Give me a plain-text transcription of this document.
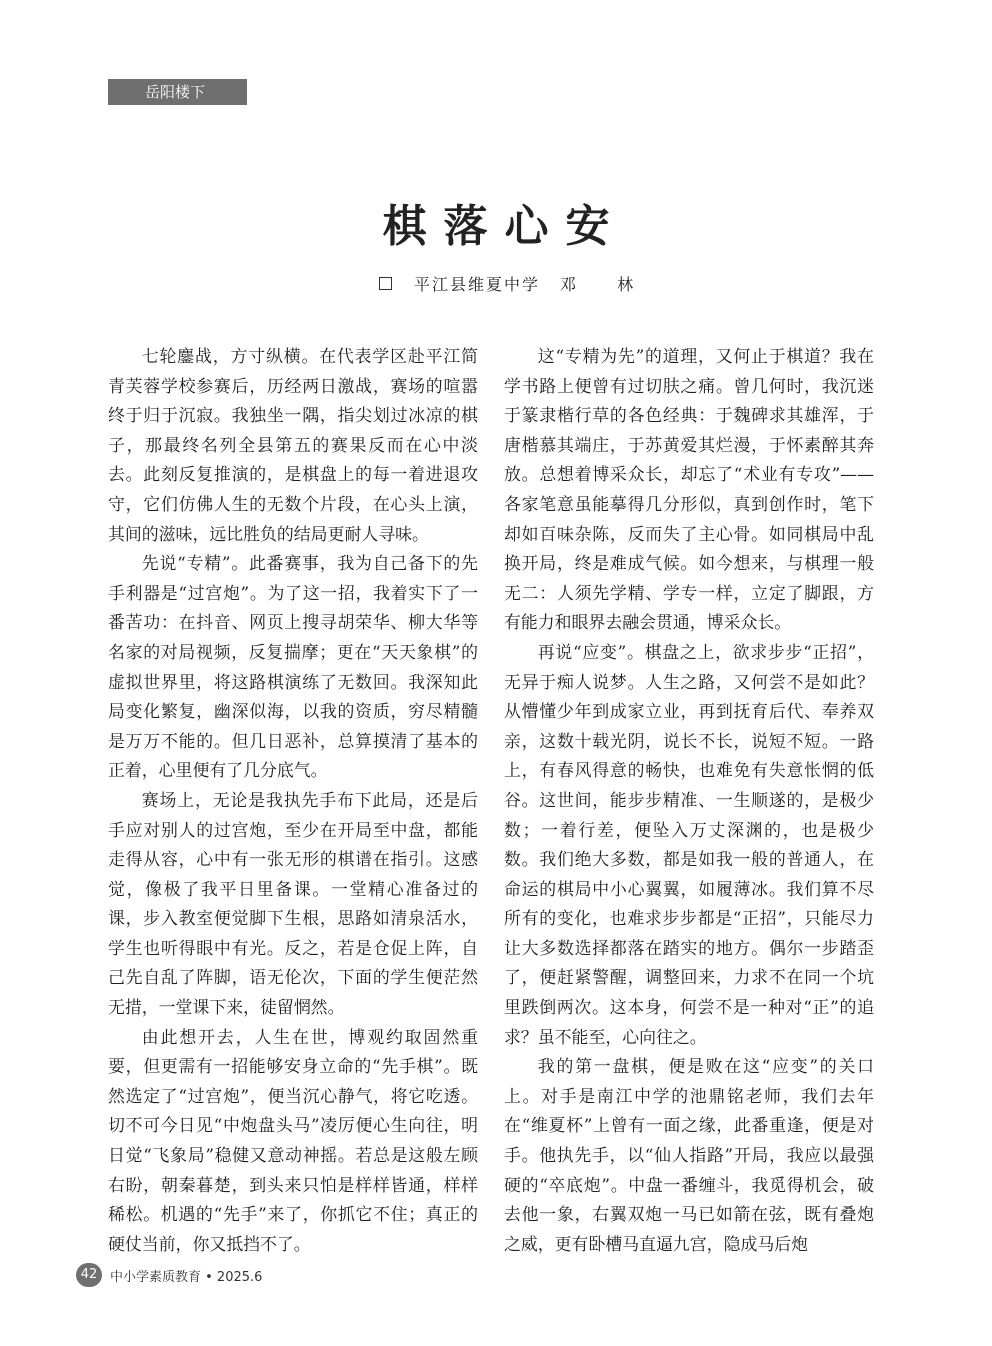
岳阳楼下
棋落心安
平江县维夏中学 邓 林

七轮鏖战，方寸纵横。在代表学区赴平江简青芙蓉学校参赛后，历经两日激战，赛场的喧嚣终于归于沉寂。我独坐一隅，指尖划过冰凉的棋子，那最终名列全县第五的赛果反而在心中淡去。此刻反复推演的，是棋盘上的每一着进退攻守，它们仿佛人生的无数个片段，在心头上演，其间的滋味，远比胜负的结局更耐人寻味。

先说“专精”。此番赛事，我为自己备下的先手利器是“过宫炮”。为了这一招，我着实下了一番苦功：在抖音、网页上搜寻胡荣华、柳大华等名家的对局视频，反复揣摩；更在“天天象棋”的虚拟世界里，将这路棋演练了无数回。我深知此局变化繁复，幽深似海，以我的资质，穷尽精髓是万万不能的。但几日恶补，总算摸清了基本的正着，心里便有了几分底气。

赛场上，无论是我执先手布下此局，还是后手应对别人的过宫炮，至少在开局至中盘，都能走得从容，心中有一张无形的棋谱在指引。这感觉，像极了我平日里备课。一堂精心准备过的课，步入教室便觉脚下生根，思路如清泉活水，学生也听得眼中有光。反之，若是仓促上阵，自己先自乱了阵脚，语无伦次，下面的学生便茫然无措，一堂课下来，徒留惘然。

由此想开去，人生在世，博观约取固然重要，但更需有一招能够安身立命的“先手棋”。既然选定了“过宫炮”，便当沉心静气，将它吃透。切不可今日见“中炮盘头马”凌厉便心生向往，明日觉“飞象局”稳健又意动神摇。若总是这般左顾右盼，朝秦暮楚，到头来只怕是样样皆通，样样稀松。机遇的“先手”来了，你抓它不住；真正的硬仗当前，你又抵挡不了。

这“专精为先”的道理，又何止于棋道？我在学书路上便曾有过切肤之痛。曾几何时，我沉迷于篆隶楷行草的各色经典：于魏碑求其雄浑，于唐楷慕其端庄，于苏黄爱其烂漫，于怀素醉其奔放。总想着博采众长，却忘了“术业有专攻”——各家笔意虽能摹得几分形似，真到创作时，笔下却如百味杂陈，反而失了主心骨。如同棋局中乱换开局，终是难成气候。如今想来，与棋理一般无二：人须先学精、学专一样，立定了脚跟，方有能力和眼界去融会贯通，博采众长。

再说“应变”。棋盘之上，欲求步步“正招”，无异于痴人说梦。人生之路，又何尝不是如此？从懵懂少年到成家立业，再到抚育后代、奉养双亲，这数十载光阴，说长不长，说短不短。一路上，有春风得意的畅快，也难免有失意怅惘的低谷。这世间，能步步精准、一生顺遂的，是极少数；一着行差，便坠入万丈深渊的，也是极少数。我们绝大多数，都是如我一般的普通人，在命运的棋局中小心翼翼，如履薄冰。我们算不尽所有的变化，也难求步步都是“正招”，只能尽力让大多数选择都落在踏实的地方。偶尔一步踏歪了，便赶紧警醒，调整回来，力求不在同一个坑里跌倒两次。这本身，何尝不是一种对“正”的追求？虽不能至，心向往之。

我的第一盘棋，便是败在这“应变”的关口上。对手是南江中学的池鼎铭老师，我们去年在“维夏杯”上曾有一面之缘，此番重逢，便是对手。他执先手，以“仙人指路”开局，我应以最强硬的“卒底炮”。中盘一番缠斗，我觅得机会，破去他一象，右翼双炮一马已如箭在弦，既有叠炮之威，更有卧槽马直逼九宫，隐成马后炮

42 中小学素质教育 • 2025.6
